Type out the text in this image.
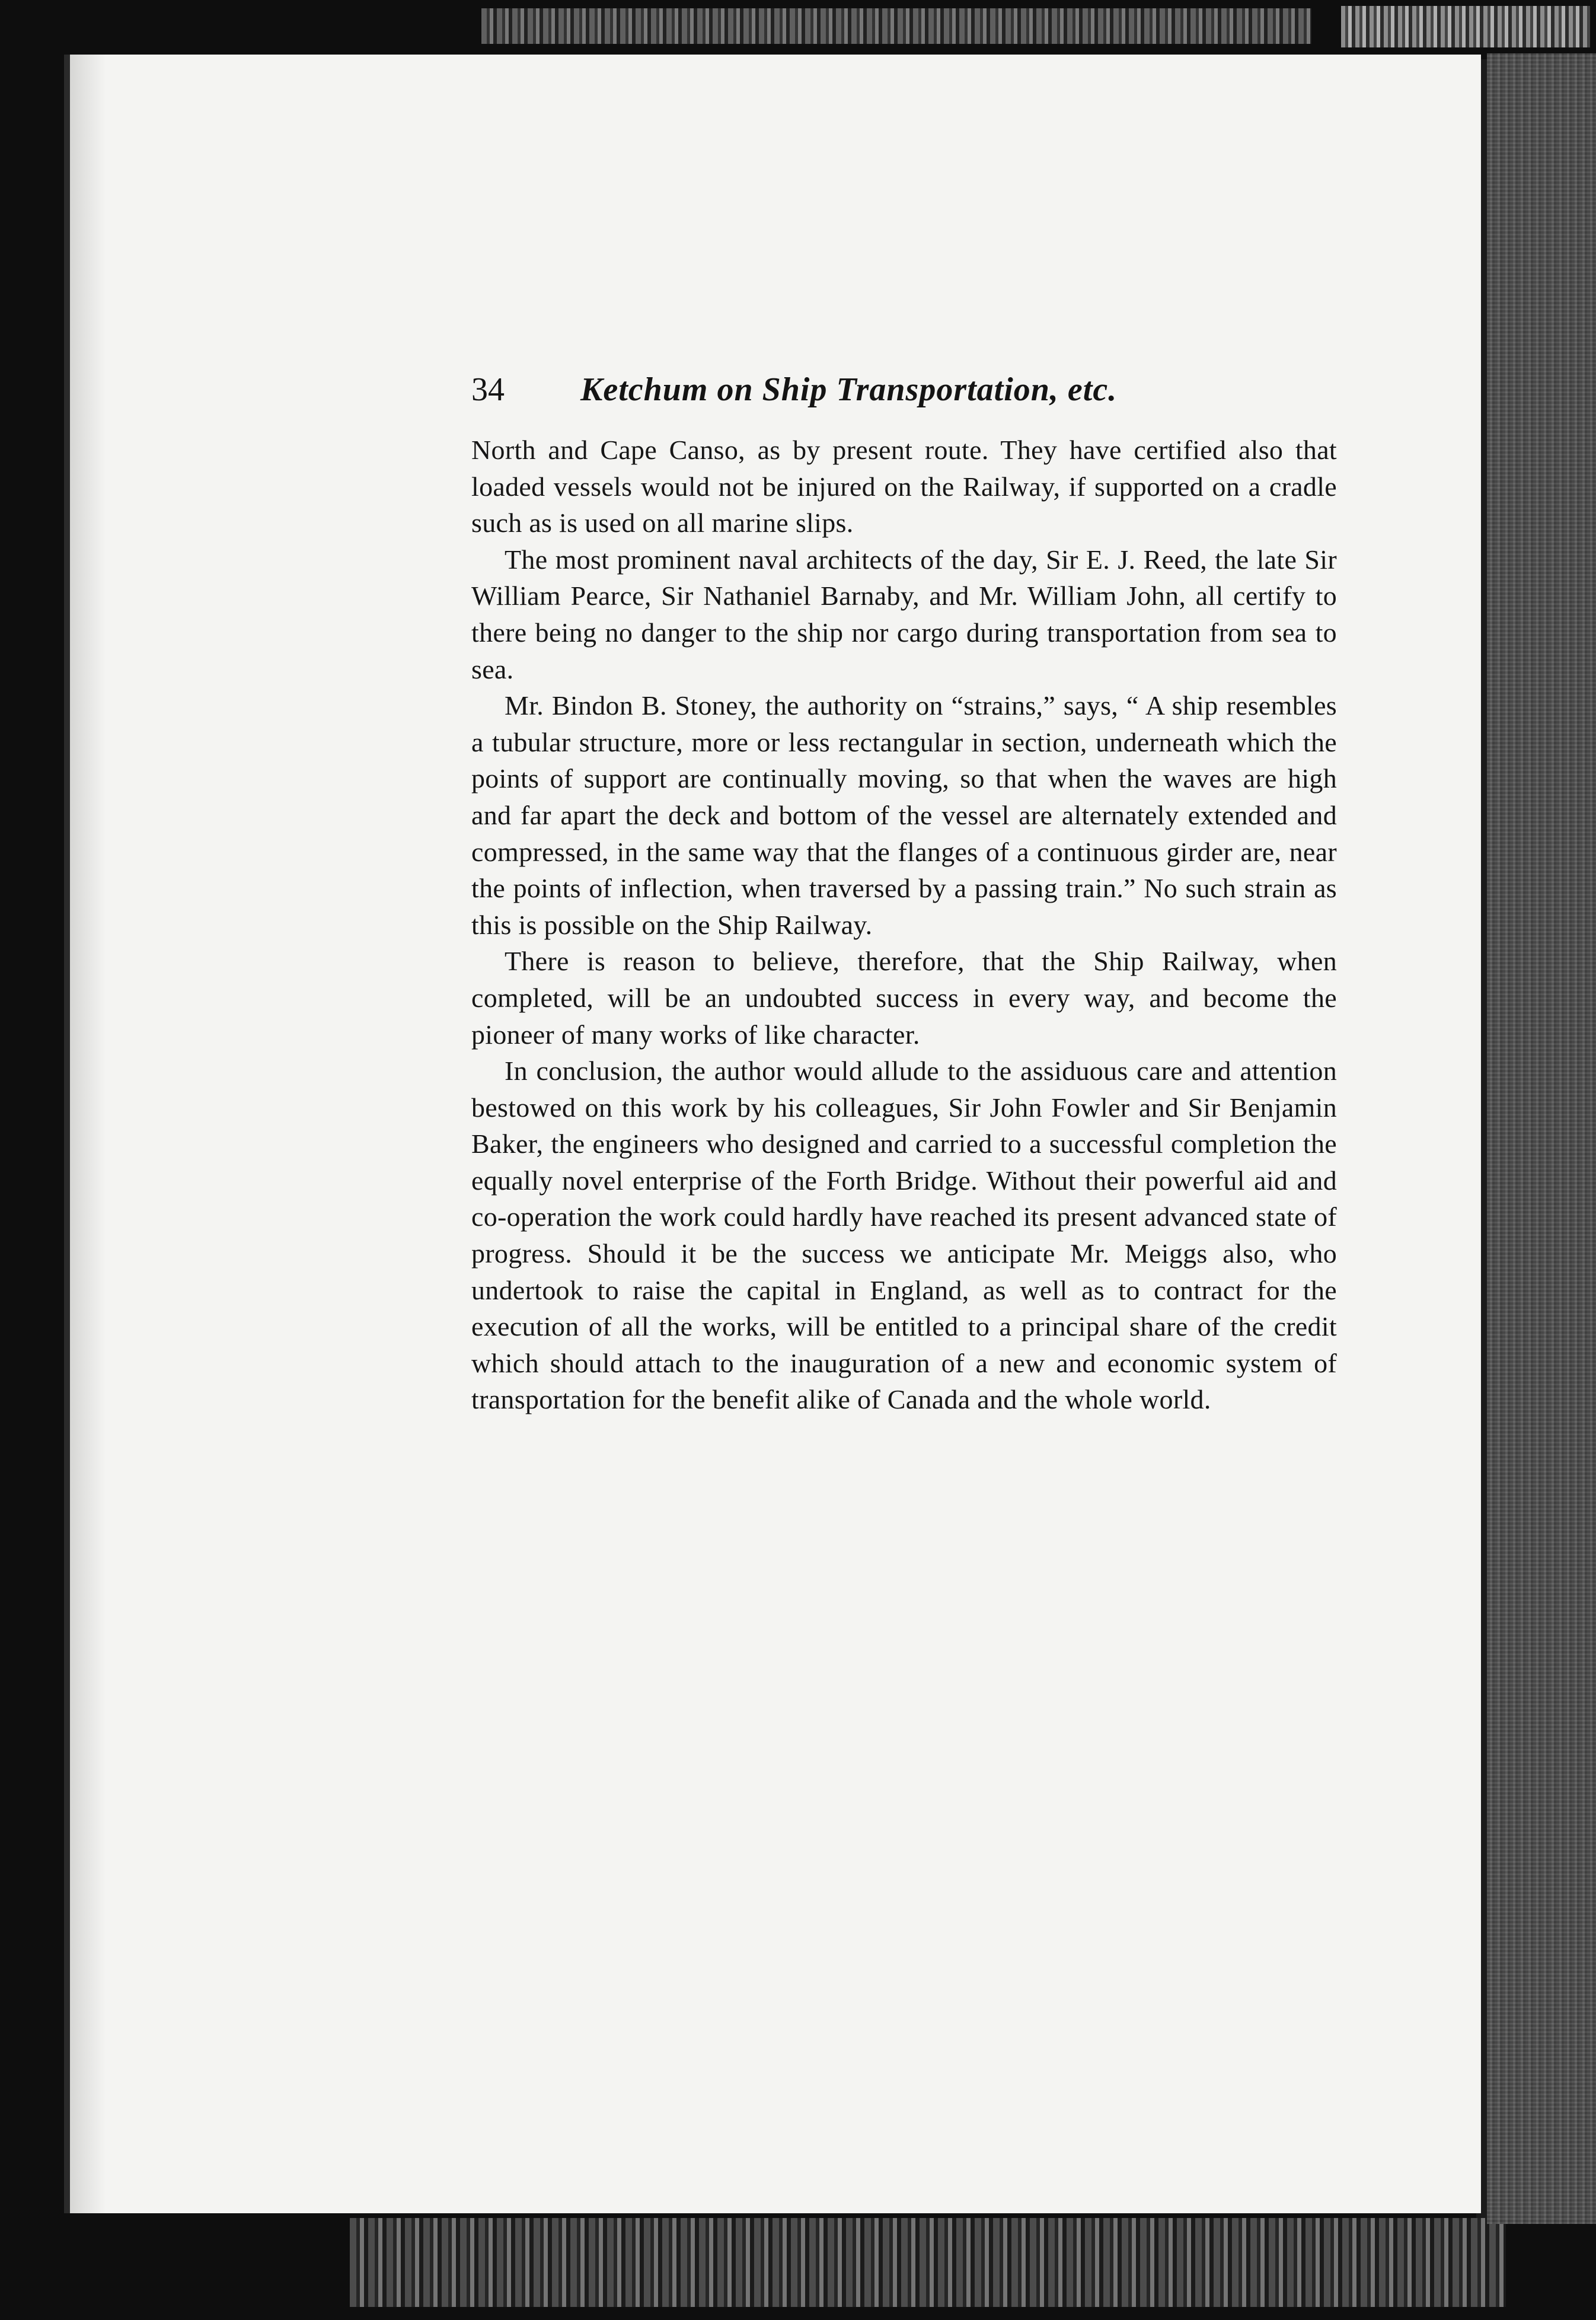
34 Ketchum on Ship Transportation, etc.

North and Cape Canso, as by present route. They have certified also that loaded vessels would not be injured on the Railway, if supported on a cradle such as is used on all marine slips.

The most prominent naval architects of the day, Sir E. J. Reed, the late Sir William Pearce, Sir Nathaniel Barnaby, and Mr. William John, all certify to there being no danger to the ship nor cargo during transportation from sea to sea.

Mr. Bindon B. Stoney, the authority on “strains,” says, “ A ship resembles a tubular structure, more or less rectangular in section, underneath which the points of support are continually moving, so that when the waves are high and far apart the deck and bottom of the vessel are alternately extended and compressed, in the same way that the flanges of a continuous girder are, near the points of inflection, when traversed by a passing train.” No such strain as this is possible on the Ship Railway.

There is reason to believe, therefore, that the Ship Railway, when completed, will be an undoubted success in every way, and become the pioneer of many works of like character.

In conclusion, the author would allude to the assiduous care and attention bestowed on this work by his colleagues, Sir John Fowler and Sir Benjamin Baker, the engineers who designed and carried to a successful completion the equally novel enterprise of the Forth Bridge. Without their powerful aid and co-operation the work could hardly have reached its present advanced state of progress. Should it be the success we anticipate Mr. Meiggs also, who undertook to raise the capital in England, as well as to contract for the execution of all the works, will be entitled to a principal share of the credit which should attach to the inauguration of a new and economic system of transportation for the benefit alike of Canada and the whole world.
